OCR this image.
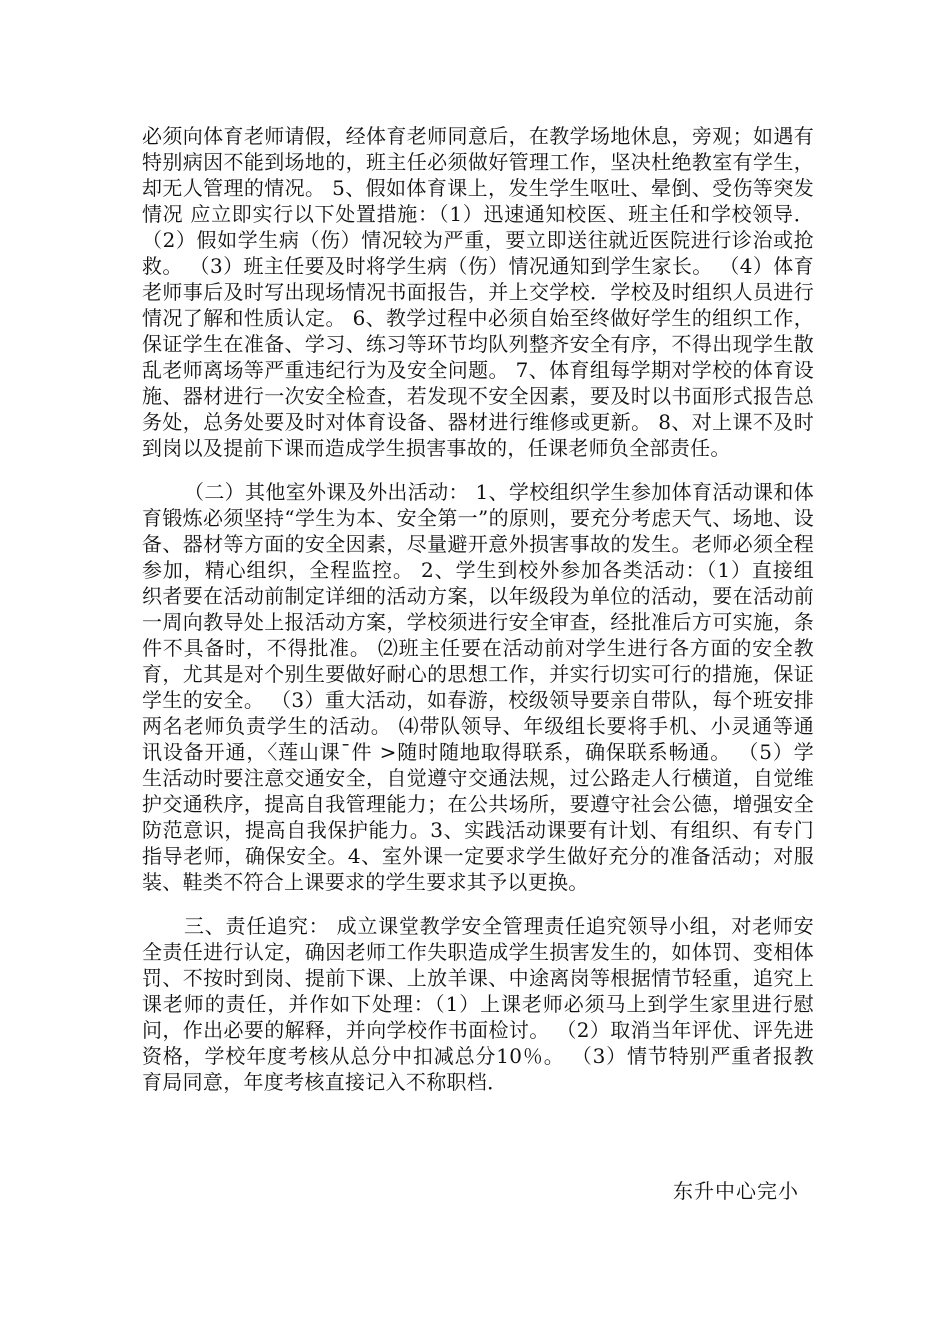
必须向体育老师请假，经体育老师同意后，在教学场地休息，旁观；如遇有特别病因不能到场地的，班主任必须做好管理工作，坚决杜绝教室有学生，却无人管理的情况。 5、假如体育课上，发生学生呕吐、晕倒、受伤等突发情况 应立即实行以下处置措施：（1）迅速通知校医、班主任和学校领导．（2）假如学生病（伤）情况较为严重，要立即送往就近医院进行诊治或抢救。 （3）班主任要及时将学生病（伤）情况通知到学生家长。 （4）体育老师事后及时写出现场情况书面报告，并上交学校．学校及时组织人员进行情况了解和性质认定。 6、教学过程中必须自始至终做好学生的组织工作，保证学生在准备、学习、练习等环节均队列整齐安全有序，不得出现学生散乱老师离场等严重违纪行为及安全问题。 7、体育组每学期对学校的体育设施、器材进行一次安全检查，若发现不安全因素，要及时以书面形式报告总务处，总务处要及时对体育设备、器材进行维修或更新。 8、对上课不及时到岗以及提前下课而造成学生损害事故的，任课老师负全部责任。

（二）其他室外课及外出活动： 1、学校组织学生参加体育活动课和体育锻炼必须坚持“学生为本、安全第一”的原则，要充分考虑天气、场地、设备、器材等方面的安全因素，尽量避开意外损害事故的发生。老师必须全程参加，精心组织，全程监控。 2、学生到校外参加各类活动：（1）直接组织者要在活动前制定详细的活动方案，以年级段为单位的活动，要在活动前一周向教导处上报活动方案，学校须进行安全审查，经批准后方可实施，条件不具备时，不得批准。 ⑵班主任要在活动前对学生进行各方面的安全教育，尤其是对个别生要做好耐心的思想工作，并实行切实可行的措施，保证学生的安全。 （3）重大活动，如春游，校级领导要亲自带队，每个班安排两名老师负责学生的活动。 ⑷带队领导、年级组长要将手机、小灵通等通讯设备开通，〈莲山课¯件 >随时随地取得联系，确保联系畅通。 （5）学生活动时要注意交通安全，自觉遵守交通法规，过公路走人行横道，自觉维护交通秩序，提高自我管理能力；在公共场所，要遵守社会公德，增强安全防范意识，提高自我保护能力。3、实践活动课要有计划、有组织、有专门指导老师，确保安全。4、室外课一定要求学生做好充分的准备活动；对服装、鞋类不符合上课要求的学生要求其予以更换。

三、责任追究： 成立课堂教学安全管理责任追究领导小组，对老师安全责任进行认定，确因老师工作失职造成学生损害发生的，如体罚、变相体罚、不按时到岗、提前下课、上放羊课、中途离岗等根据情节轻重，追究上课老师的责任，并作如下处理：（1）上课老师必须马上到学生家里进行慰问，作出必要的解释，并向学校作书面检讨。 （2）取消当年评优、评先进资格，学校年度考核从总分中扣减总分10％。 （3）情节特别严重者报教育局同意，年度考核直接记入不称职档．

东升中心完小
